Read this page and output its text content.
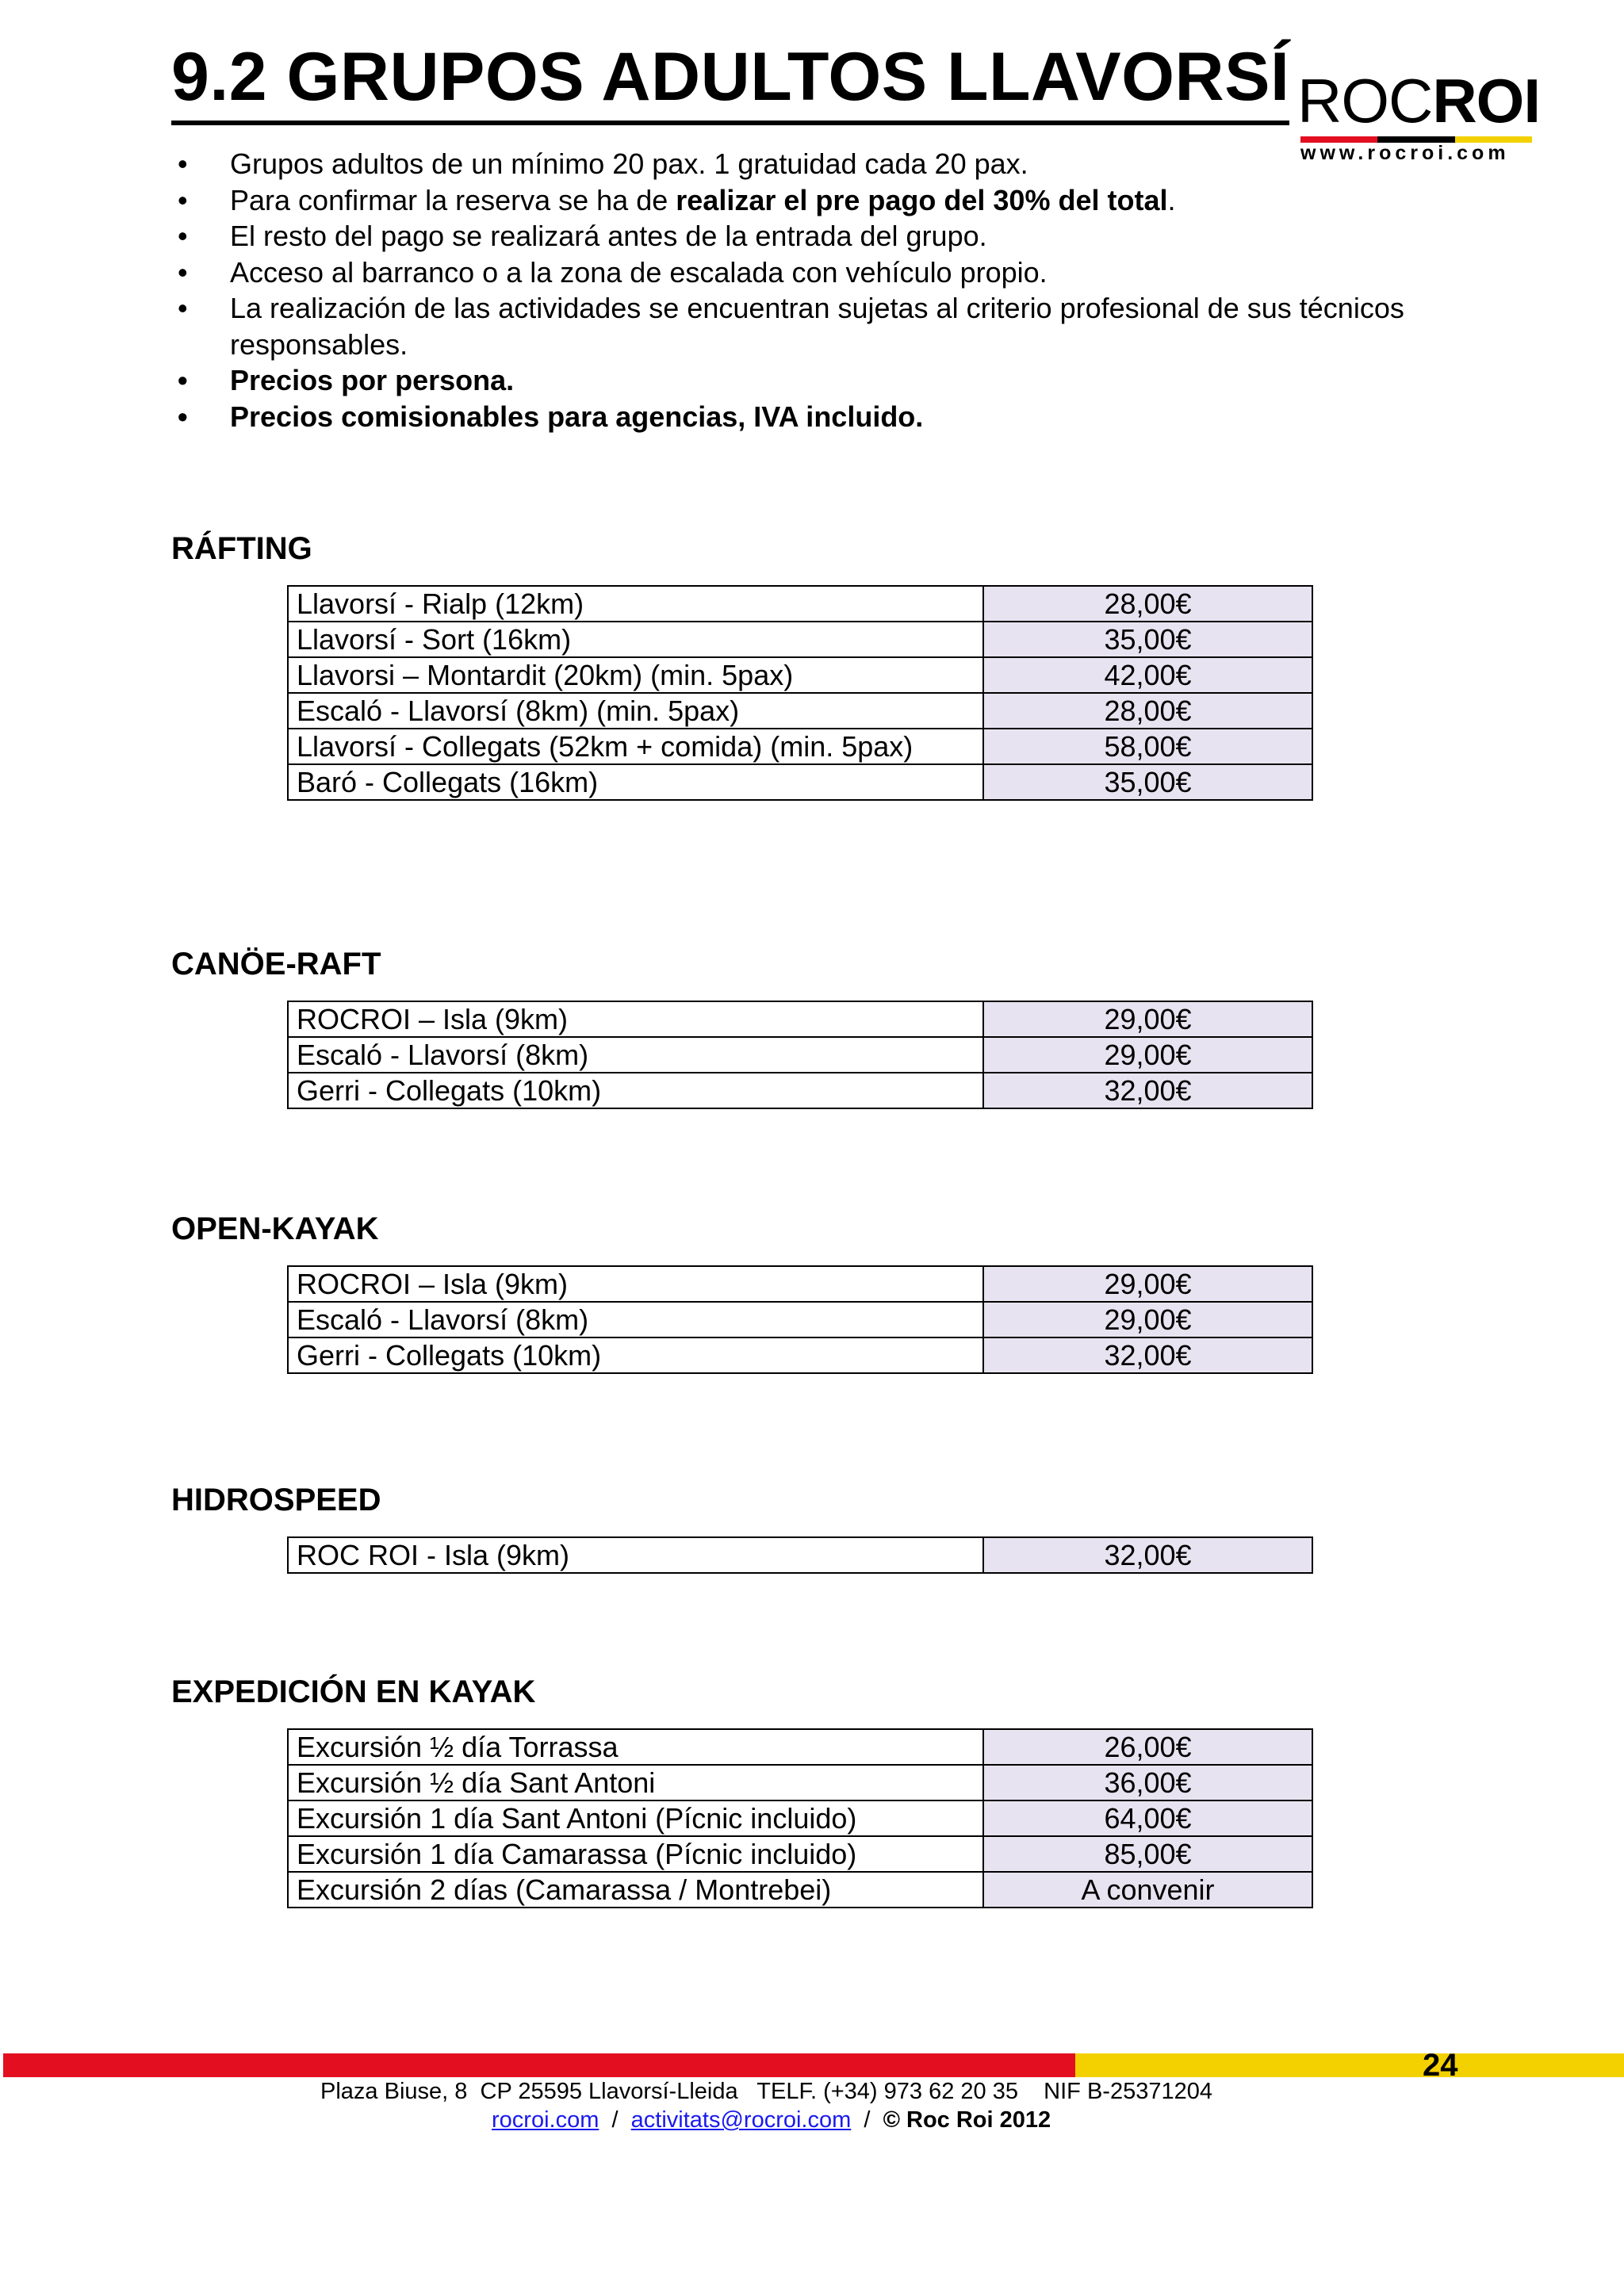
9.2 GRUPOS ADULTOS LLAVORSÍ ROCROI
www.rocroi.com
• Grupos adultos de un mínimo 20 pax. 1 gratuidad cada 20 pax.
• Para confirmar la reserva se ha de realizar el pre pago del 30% del total.
• El resto del pago se realizará antes de la entrada del grupo.
• Acceso al barranco o a la zona de escalada con vehículo propio.
• La realización de las actividades se encuentran sujetas al criterio profesional de sus técnicos responsables.
• Precios por persona.
• Precios comisionables para agencias, IVA incluido.
RÁFTING
Llavorsí - Rialp (12km)	28,00€
Llavorsí - Sort (16km)	35,00€
Llavorsi – Montardit (20km) (min. 5pax)	42,00€
Escaló - Llavorsí (8km) (min. 5pax)	28,00€
Llavorsí - Collegats (52km + comida) (min. 5pax)	58,00€
Baró - Collegats (16km)	35,00€
CANÖE-RAFT
ROCROI – Isla (9km)	29,00€
Escaló - Llavorsí (8km)	29,00€
Gerri - Collegats (10km)	32,00€
OPEN-KAYAK
ROCROI – Isla (9km)	29,00€
Escaló - Llavorsí (8km)	29,00€
Gerri - Collegats (10km)	32,00€
HIDROSPEED
ROC ROI - Isla (9km)	32,00€
EXPEDICIÓN EN KAYAK
Excursión ½ día Torrassa	26,00€
Excursión ½ día Sant Antoni	36,00€
Excursión 1 día Sant Antoni (Pícnic incluido)	64,00€
Excursión 1 día Camarassa (Pícnic incluido)	85,00€
Excursión 2 días (Camarassa / Montrebei)	A convenir
24
Plaza Biuse, 8  CP 25595 Llavorsí-Lleida   TELF. (+34) 973 62 20 35    NIF B-25371204
rocroi.com  /  activitats@rocroi.com  /  © Roc Roi 2012
